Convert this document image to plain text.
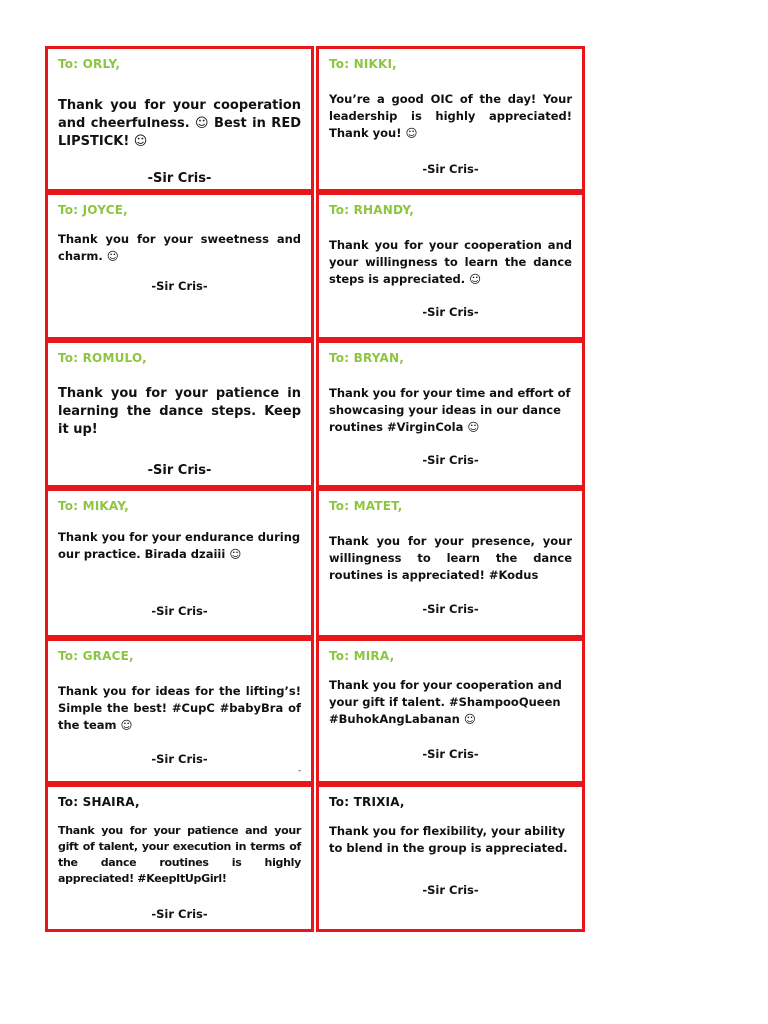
To: ORLY,
Thank you for your cooperation and cheerfulness. ☺ Best in RED LIPSTICK! ☺
-Sir Cris-
To: NIKKI,
You’re a good OIC of the day! Your leadership is highly appreciated! Thank you! ☺
-Sir Cris-
To: JOYCE,
Thank you for your sweetness and charm. ☺
-Sir Cris-
To: RHANDY,
Thank you for your cooperation and your willingness to learn the dance steps is appreciated. ☺
-Sir Cris-
To: ROMULO,
Thank you for your patience in learning the dance steps. Keep it up!
-Sir Cris-
To: BRYAN,
Thank you for your time and effort of showcasing your ideas in our dance routines #VirginCola ☺
-Sir Cris-
To: MIKAY,
Thank you for your endurance during our practice. Birada dzaiii ☺
-Sir Cris-
To: MATET,
Thank you for your presence, your willingness to learn the dance routines is appreciated! #Kodus
-Sir Cris-
To: GRACE,
Thank you for ideas for the lifting’s! Simple the best! #CupC #babyBra of the team ☺
-Sir Cris-
-
To: MIRA,
Thank you for your cooperation and your gift if talent. #ShampooQueen #BuhokAngLabanan ☺
-Sir Cris-
To: SHAIRA,
Thank you for your patience and your gift of talent, your execution in terms of the dance routines is highly appreciated! #KeepItUpGirl!
-Sir Cris-
To: TRIXIA,
Thank you for flexibility, your ability to blend in the group is appreciated.
-Sir Cris-
